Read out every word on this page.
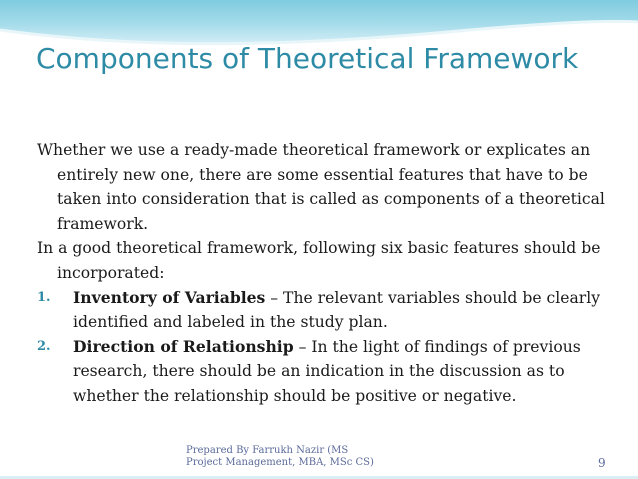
Components of Theoretical Framework

Whether we use a ready-made theoretical framework or explicates an entirely new one, there are some essential features that have to be taken into consideration that is called as components of a theoretical framework.

In a good theoretical framework, following six basic features should be incorporated:

1. Inventory of Variables – The relevant variables should be clearly identified and labeled in the study plan.

2. Direction of Relationship – In the light of findings of previous research, there should be an indication in the discussion as to whether the relationship should be positive or negative.

Prepared By Farrukh Nazir (MS Project Management, MBA, MSc CS)	9
